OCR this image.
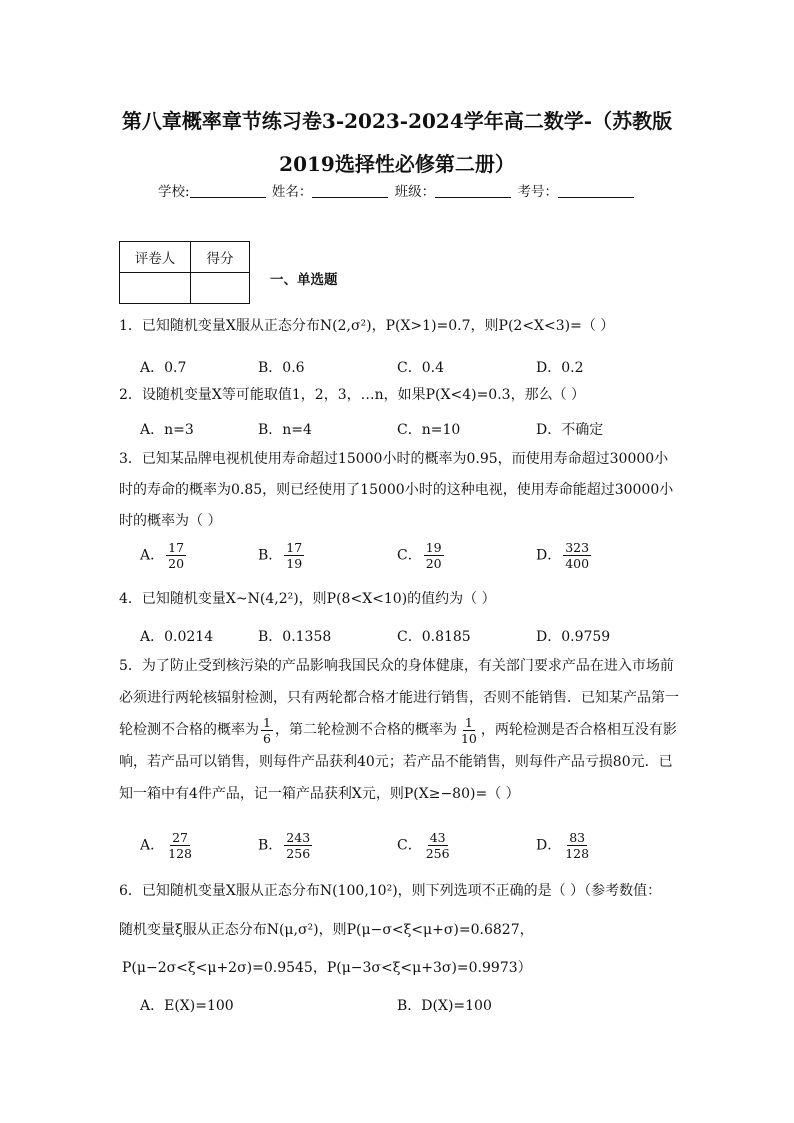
第八章概率章节练习卷3-2023-2024学年高二数学-（苏教版
2019选择性必修第二册）
学校:	姓名：	班级：	考号：
评卷人	得分

一、单选题
1．已知随机变量X服从正态分布N(2,σ²)，P(X>1)=0.7，则P(2<X<3)=（ ）
A．0.7	B．0.6	C．0.4	D．0.2
2．设随机变量X等可能取值1，2，3，…n，如果P(X<4)=0.3，那么（ ）
A．n=3	B．n=4	C．n=10	D．不确定
3．已知某品牌电视机使用寿命超过15000小时的概率为0.95，而使用寿命超过30000小时的寿命的概率为0.85，则已经使用了15000小时的这种电视，使用寿命能超过30000小时的概率为（ ）
A． $\frac{17}{20}$	B． $\frac{17}{19}$	C． $\frac{19}{20}$	D． $\frac{323}{400}$
4．已知随机变量X~N(4,2²)，则P(8<X<10)的值约为（ ）
A．0.0214	B．0.1358	C．0.8185	D．0.9759
5．为了防止受到核污染的产品影响我国民众的身体健康，有关部门要求产品在进入市场前必须进行两轮核辐射检测，只有两轮都合格才能进行销售，否则不能销售．已知某产品第一轮检测不合格的概率为 $\frac{1}{6}$ ，第二轮检测不合格的概率为 $\frac{1}{10}$ ，两轮检测是否合格相互没有影响，若产品可以销售，则每件产品获利40元；若产品不能销售，则每件产品亏损80元．已知一箱中有4件产品，记一箱产品获利X元，则P(X≥−80)=（ ）
A． $\frac{27}{128}$	B． $\frac{243}{256}$	C． $\frac{43}{256}$	D． $\frac{83}{128}$
6．已知随机变量X服从正态分布N(100,10²)，则下列选项不正确的是（ ）（参考数值：
随机变量ξ服从正态分布N(μ,σ²)，则P(μ−σ<ξ<μ+σ)=0.6827，
P(μ−2σ<ξ<μ+2σ)=0.9545，P(μ−3σ<ξ<μ+3σ)=0.9973）
A．E(X)=100	B．D(X)=100
